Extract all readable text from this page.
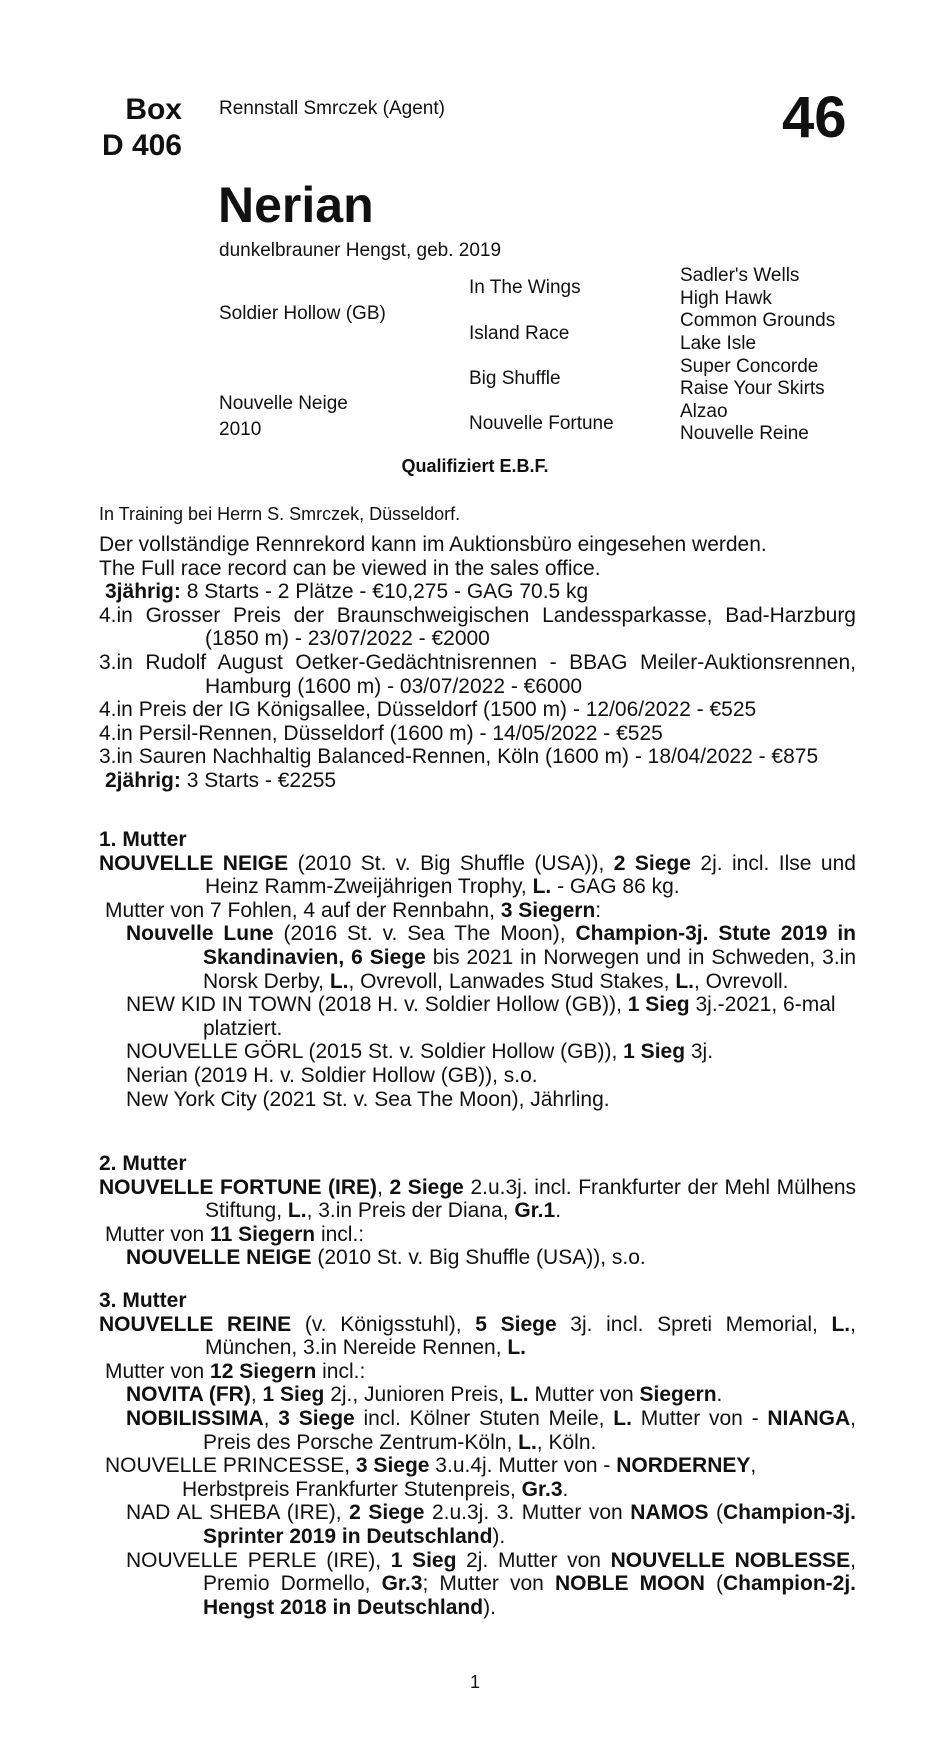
Box
D 406
Rennstall Smrczek (Agent)	46
Nerian
dunkelbrauner Hengst, geb. 2019
Soldier Hollow (GB)
Nouvelle Neige
2010
In The Wings
Island Race
Big Shuffle
Nouvelle Fortune
Sadler's Wells
High Hawk
Common Grounds
Lake Isle
Super Concorde
Raise Your Skirts
Alzao
Nouvelle Reine
Qualifiziert E.B.F.
In Training bei Herrn S. Smrczek, Düsseldorf.

Der vollständige Rennrekord kann im Auktionsbüro eingesehen werden.

The Full race record can be viewed in the sales office.

3jährig: 8 Starts - 2 Plätze - €10,275 - GAG 70.5 kg

4.in Grosser Preis der Braunschweigischen Landessparkasse, Bad-Harzburg (1850 m) - 23/07/2022 - €2000

3.in Rudolf August Oetker-Gedächtnisrennen - BBAG Meiler-Auktionsrennen, Hamburg (1600 m) - 03/07/2022 - €6000

4.in Preis der IG Königsallee, Düsseldorf (1500 m) - 12/06/2022 - €525

4.in Persil-Rennen, Düsseldorf (1600 m) - 14/05/2022 - €525

3.in Sauren Nachhaltig Balanced-Rennen, Köln (1600 m) - 18/04/2022 - €875

2jährig: 3 Starts - €2255

1. Mutter

NOUVELLE NEIGE (2010 St. v. Big Shuffle (USA)), 2 Siege 2j. incl. Ilse und Heinz Ramm-Zweijährigen Trophy, L. - GAG 86 kg.

Mutter von 7 Fohlen, 4 auf der Rennbahn, 3 Siegern:

Nouvelle Lune (2016 St. v. Sea The Moon), Champion-3j. Stute 2019 in Skandinavien, 6 Siege bis 2021 in Norwegen und in Schweden, 3.in Norsk Derby, L., Ovrevoll, Lanwades Stud Stakes, L., Ovrevoll.

NEW KID IN TOWN (2018 H. v. Soldier Hollow (GB)), 1 Sieg 3j.-2021, 6-mal platziert.

NOUVELLE GÖRL (2015 St. v. Soldier Hollow (GB)), 1 Sieg 3j.

Nerian (2019 H. v. Soldier Hollow (GB)), s.o.

New York City (2021 St. v. Sea The Moon), Jährling.

2. Mutter

NOUVELLE FORTUNE (IRE), 2 Siege 2.u.3j. incl. Frankfurter der Mehl Mülhens Stiftung, L., 3.in Preis der Diana, Gr.1.

Mutter von 11 Siegern incl.:

NOUVELLE NEIGE (2010 St. v. Big Shuffle (USA)), s.o.

3. Mutter

NOUVELLE REINE (v. Königsstuhl), 5 Siege 3j. incl. Spreti Memorial, L., München, 3.in Nereide Rennen, L.

Mutter von 12 Siegern incl.:

NOVITA (FR), 1 Sieg 2j., Junioren Preis, L. Mutter von Siegern.

NOBILISSIMA, 3 Siege incl. Kölner Stuten Meile, L. Mutter von - NIANGA, Preis des Porsche Zentrum-Köln, L., Köln.

NOUVELLE PRINCESSE, 3 Siege 3.u.4j. Mutter von - NORDERNEY, Herbstpreis Frankfurter Stutenpreis, Gr.3.

NAD AL SHEBA (IRE), 2 Siege 2.u.3j. 3. Mutter von NAMOS (Champion-3j. Sprinter 2019 in Deutschland).

NOUVELLE PERLE (IRE), 1 Sieg 2j. Mutter von NOUVELLE NOBLESSE, Premio Dormello, Gr.3; Mutter von NOBLE MOON (Champion-2j. Hengst 2018 in Deutschland).

1
